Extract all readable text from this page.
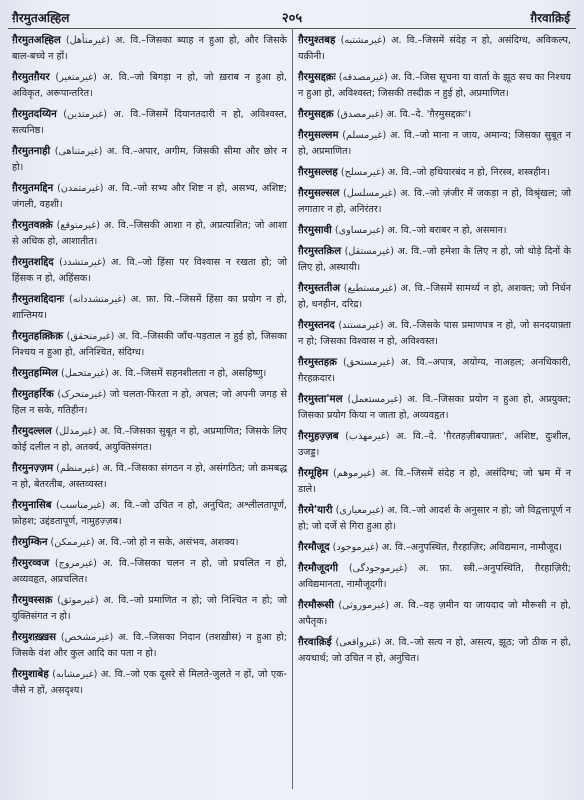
ग़ैरमुतअह्हिल	२०५	ग़ैरवाक़िई
ग़ैरमुतअह्हिल (غیرمتأهل) अ. वि.–जिसका ब्याह न हुआ हो, और जिसके बाल-बच्चे न हों।
ग़ैरमुतग़ैयर (غیرمتغیر) अ. वि.–जो बिगड़ा न हो, जो ख़राब न हुआ हो, अविकृत, अरूपान्तरित।
ग़ैरमुतदय्यिन (غیرمتدین) अ. वि.–जिसमें दियानतदारी न हो, अविश्वस्त, सत्यनिष्ठ।
ग़ैरमुतनाही (غیرمتناهی) अ. वि.–अपार, अगीम, जिसकी सीमा और छोर न हो।
ग़ैरमुतमद्दिन (غیرمتمدن) अ. वि.–जो सभ्य और शिष्ट न हो, असभ्य, अशिष्ट; जंगली, वहशी।
ग़ैरमुतवक़्क़े (غیرمتوقع) अ. वि.–जिसकी आशा न हो, अप्रत्याशित; जो आशा से अधिक हो, आशातीत।
ग़ैरमुतशद्दिद (غیرمتشدد) अ. वि.–जो हिंसा पर विश्वास न रखता हो; जो हिंसक न हो, अहिंसक।
ग़ैरमुतशद्दिदानः (غیرمتشددانه) अ. फ़ा. वि.–जिसमें हिंसा का प्रयोग न हो, शान्तिमय।
ग़ैरमुतहक़्क़िक़ (غیرمتحقق) अ. वि.–जिसकी जाँच-पड़ताल न हुई हो, जिसका निश्चय न हुआ हो, अनिश्चित, संदिग्ध।
ग़ैरमुतहम्मिल (غیرمتحمل) अ. वि.–जिसमें सहनशीलता न हो, असहिष्णु।
ग़ैरमुतहर्रिक (غیرمتحرک) जो चलता-फिरता न हो, अचल; जो अपनी जगह से हिल न सके, गतिहीन।
ग़ैरमुदल्लल (غیرمدلل) अ. वि.–जिसका सुबूत न हो, अप्रमाणित; जिसके लिए कोई दलील न हो, अतर्क्य, अयुक्तिसंगत।
ग़ैरमुनज़्ज़म (غیرمنظم) अ. वि.–जिसका संगठन न हो, असंगठित; जो क्रमबद्ध न हो, बेतरतीब, अस्तव्यस्त।
ग़ैरमुनासिब (غیرمناسب) अ. वि.–जो उचित न हो, अनुचित; अश्लीलतापूर्ण, फ़ोहश; उद्दंडतापूर्ण, नामुहज़्ज़ब।
ग़ैरमुम्किन (غیرممکن) अ. वि.–जो हो न सके, असंभव, अशक्य।
ग़ैरमुरव्वज (غیرمروج) अ. वि.–जिसका चलन न हो, जो प्रचलित न हो, अव्यवहृत, अप्रचलित।
ग़ैरमुवस्सक़ (غیرموثق) अ. वि.–जो प्रमाणित न हो; जो निश्चित न हो; जो युक्तिसंगत न हो।
ग़ैरमुशख़्ख़स (غیرمشخص) अ. वि.–जिसका निदान (तशख़ीस) न हुआ हो; जिसके वंश और कुल आदि का पता न हो।
ग़ैरमुशाबेह (غیرمشابه) अ. वि.–जो एक दूसरे से मिलते-जुलते न हों, जो एक-जैसे न हों, असदृश्य।
ग़ैरमुश्तबह (غیرمشتبه) अ. वि.–जिसमें संदेह न हो, असंदिग्ध, अविकल्प, यक़ीनी।
ग़ैरमुसद्दक़ः (غیرمصدقه) अ. वि.–जिस सूचना या वार्ता के झूठ सच का निश्चय न हुआ हो, अविश्वस्त; जिसकी तस्दीक़ न हुई हो, अप्रमाणित।
ग़ैरमुसद्दक़ (غیرمصدق) अ. वि.–दे. 'ग़ैरमुसद्दक़ः'।
ग़ैरमुसल्लम (غیرمسلم) अ. वि.–जो माना न जाय, अमान्य; जिसका सुबूत न हो, अप्रमाणित।
ग़ैरमुसल्लह (غیرمسلح) अ. वि.–जो हथियारबंद न हो, निरस्त्र, शस्त्रहीन।
ग़ैरमुसल्सल (غیرمسلسل) अ. वि.–जो ज़ंजीर में जकड़ा न हो, विश्रृंखल; जो लगातार न हो, अनिरंतर।
ग़ैरमुसावी (غیرمساوی) अ. वि.–जो बराबर न हो, असमान।
ग़ैरमुस्तक़िल (غیرمستقل) अ. वि.–जो हमेशा के लिए न हो, जो थोड़े दिनों के लिए हो, अस्थायी।
ग़ैरमुस्ततीअ (غیرمستطیع) अ. वि.–जिसमें सामर्थ्य न हो, अशक्त; जो निर्धन हो, धनहीन, दरिद्र।
ग़ैरमुस्तनद (غیرمستند) अ. वि.–जिसके पास प्रमाणपत्र न हो, जो सनदयाफ़्ता न हो; जिसका विश्वास न हो, अविश्वस्त।
ग़ैरमुस्तहक़ (غیرمستحق) अ. वि.–अपात्र, अयोग्य, नाअहल; अनधिकारी, ग़ैरहक़दार।
ग़ैरमुस्ता'मल (غیرمستعمل) अ. वि.–जिसका प्रयोग न हुआ हो, अप्रयुक्त; जिसका प्रयोग किया न जाता हो, अव्यवहृत।
ग़ैरमुहज़्ज़ब (غیرمهذب) अ. वि.–दे. 'ग़ैरतहज़ीबयाफ़्तः', अशिष्ट, दुःशील, उजड्ड।
ग़ैरमूहिम (غیرموهم) अ. वि.–जिसमें संदेह न हो, असंदिग्ध; जो भ्रम में न डाले।
ग़ैरमे'यारी (غیرمعیاری) अ. वि.–जो आदर्श के अनुसार न हो; जो विद्वत्तापूर्ण न हो; जो दर्जे से गिरा हुआ हो।
ग़ैरमौजूद (غیرموجود) अ. वि.–अनुपस्थित, ग़ैरहाज़िर; अविद्यमान, नामौजूद।
ग़ैरमौजूदगी (غیرموجودگی) अ. फ़ा. स्त्री.–अनुपस्थिति, ग़ैरहाज़िरी; अविद्यमानता, नामौजूदगी।
ग़ैरमौरूसी (غیرموروثی) अ. वि.–वह ज़मीन या जायदाद जो मौरूसी न हो, अपैतृक।
ग़ैरवाक़िई (غیرواقعی) अ. वि.–जो सत्य न हो, असत्य, झूठ; जो ठीक न हो, अयथार्थ; जो उचित न हो, अनुचित।
